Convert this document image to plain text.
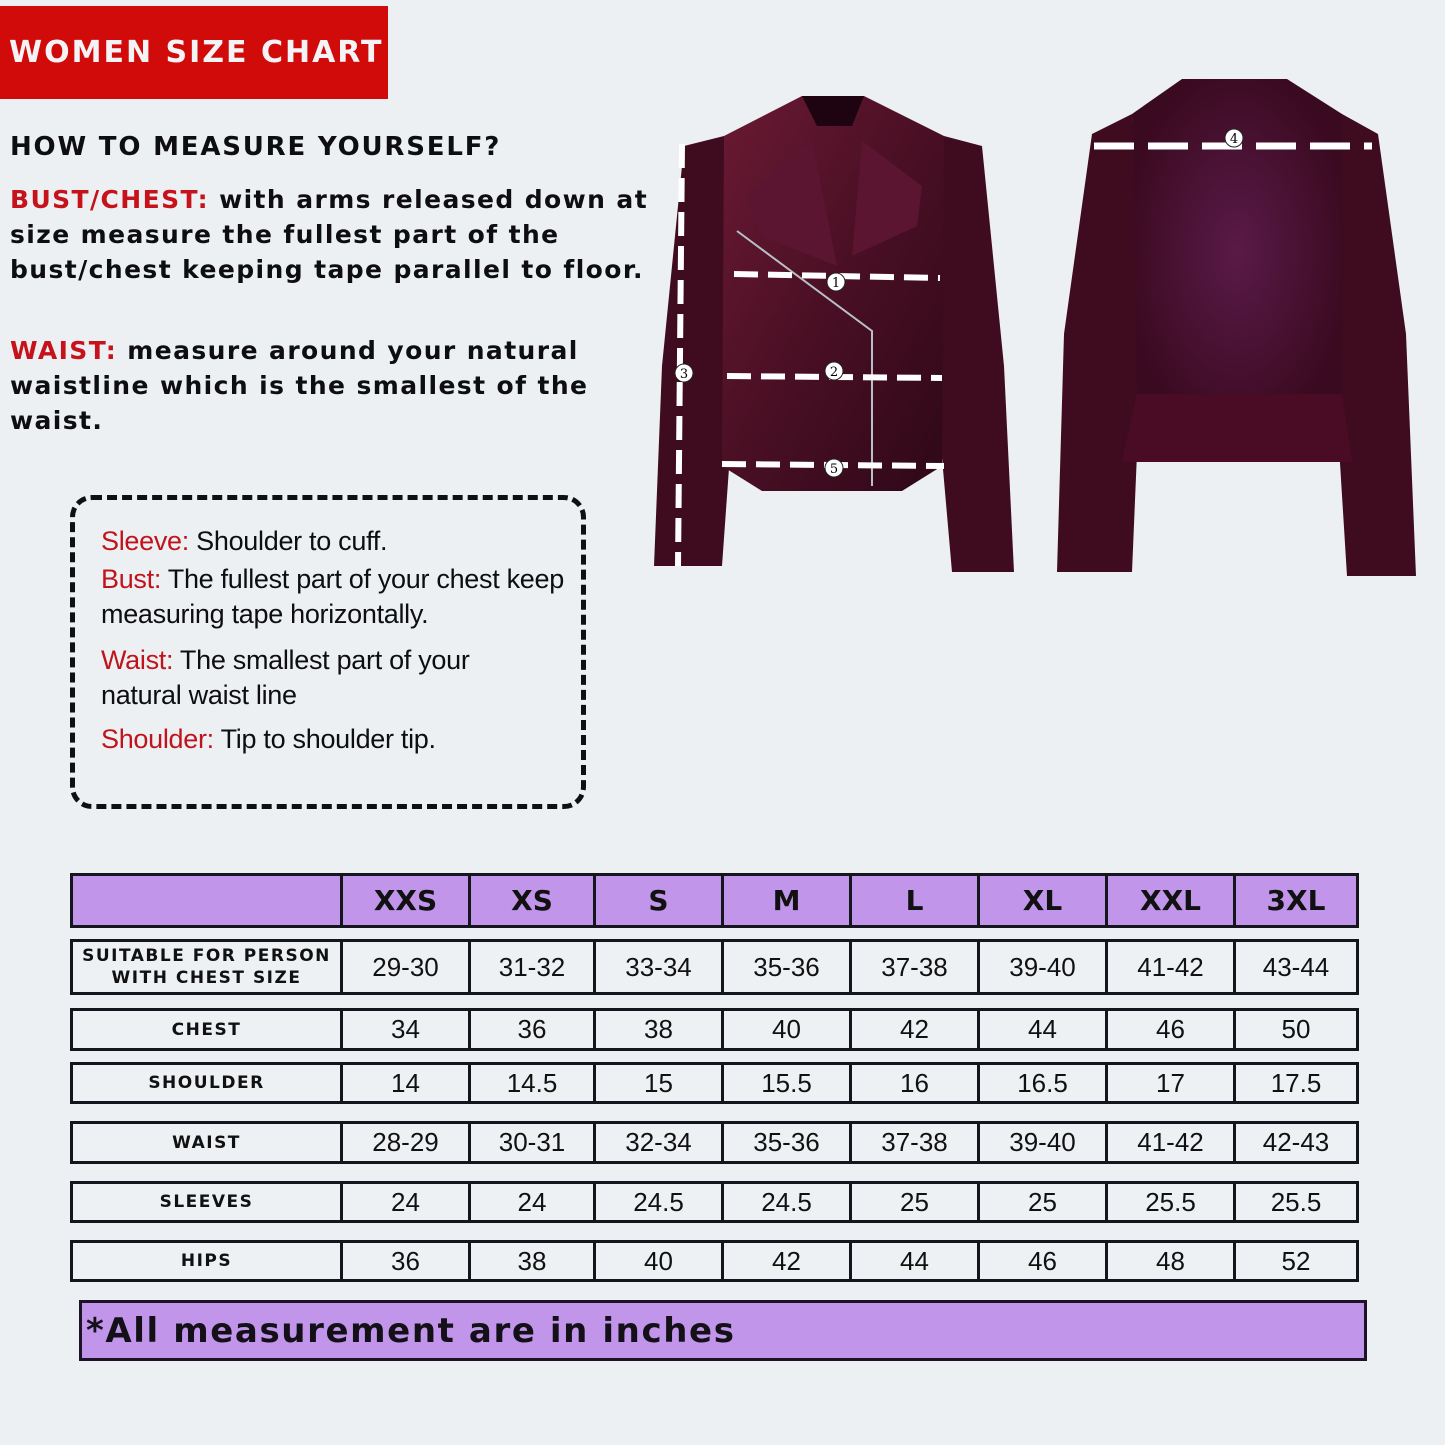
WOMEN SIZE CHART
HOW TO MEASURE YOURSELF?
BUST/CHEST: with arms released down at size measure the fullest part of the bust/chest keeping tape parallel to floor.
WAIST: measure around your natural waistline which is the smallest of the waist.
Sleeve: Shoulder to cuff.
Bust: The fullest part of your chest keep measuring tape horizontally.
Waist: The smallest part of your natural waist line
Shoulder: Tip to shoulder tip.
1
2
3
5
4
XXS	XS	S	M	L	XL	XXL	3XL
SUITABLE FOR PERSON
WITH CHEST SIZE	29-30	31-32	33-34	35-36	37-38	39-40	41-42	43-44
CHEST	34	36	38	40	42	44	46	50
SHOULDER	14	14.5	15	15.5	16	16.5	17	17.5
WAIST	28-29	30-31	32-34	35-36	37-38	39-40	41-42	42-43
SLEEVES	24	24	24.5	24.5	25	25	25.5	25.5
HIPS	36	38	40	42	44	46	48	52
*All measurement are in inches
